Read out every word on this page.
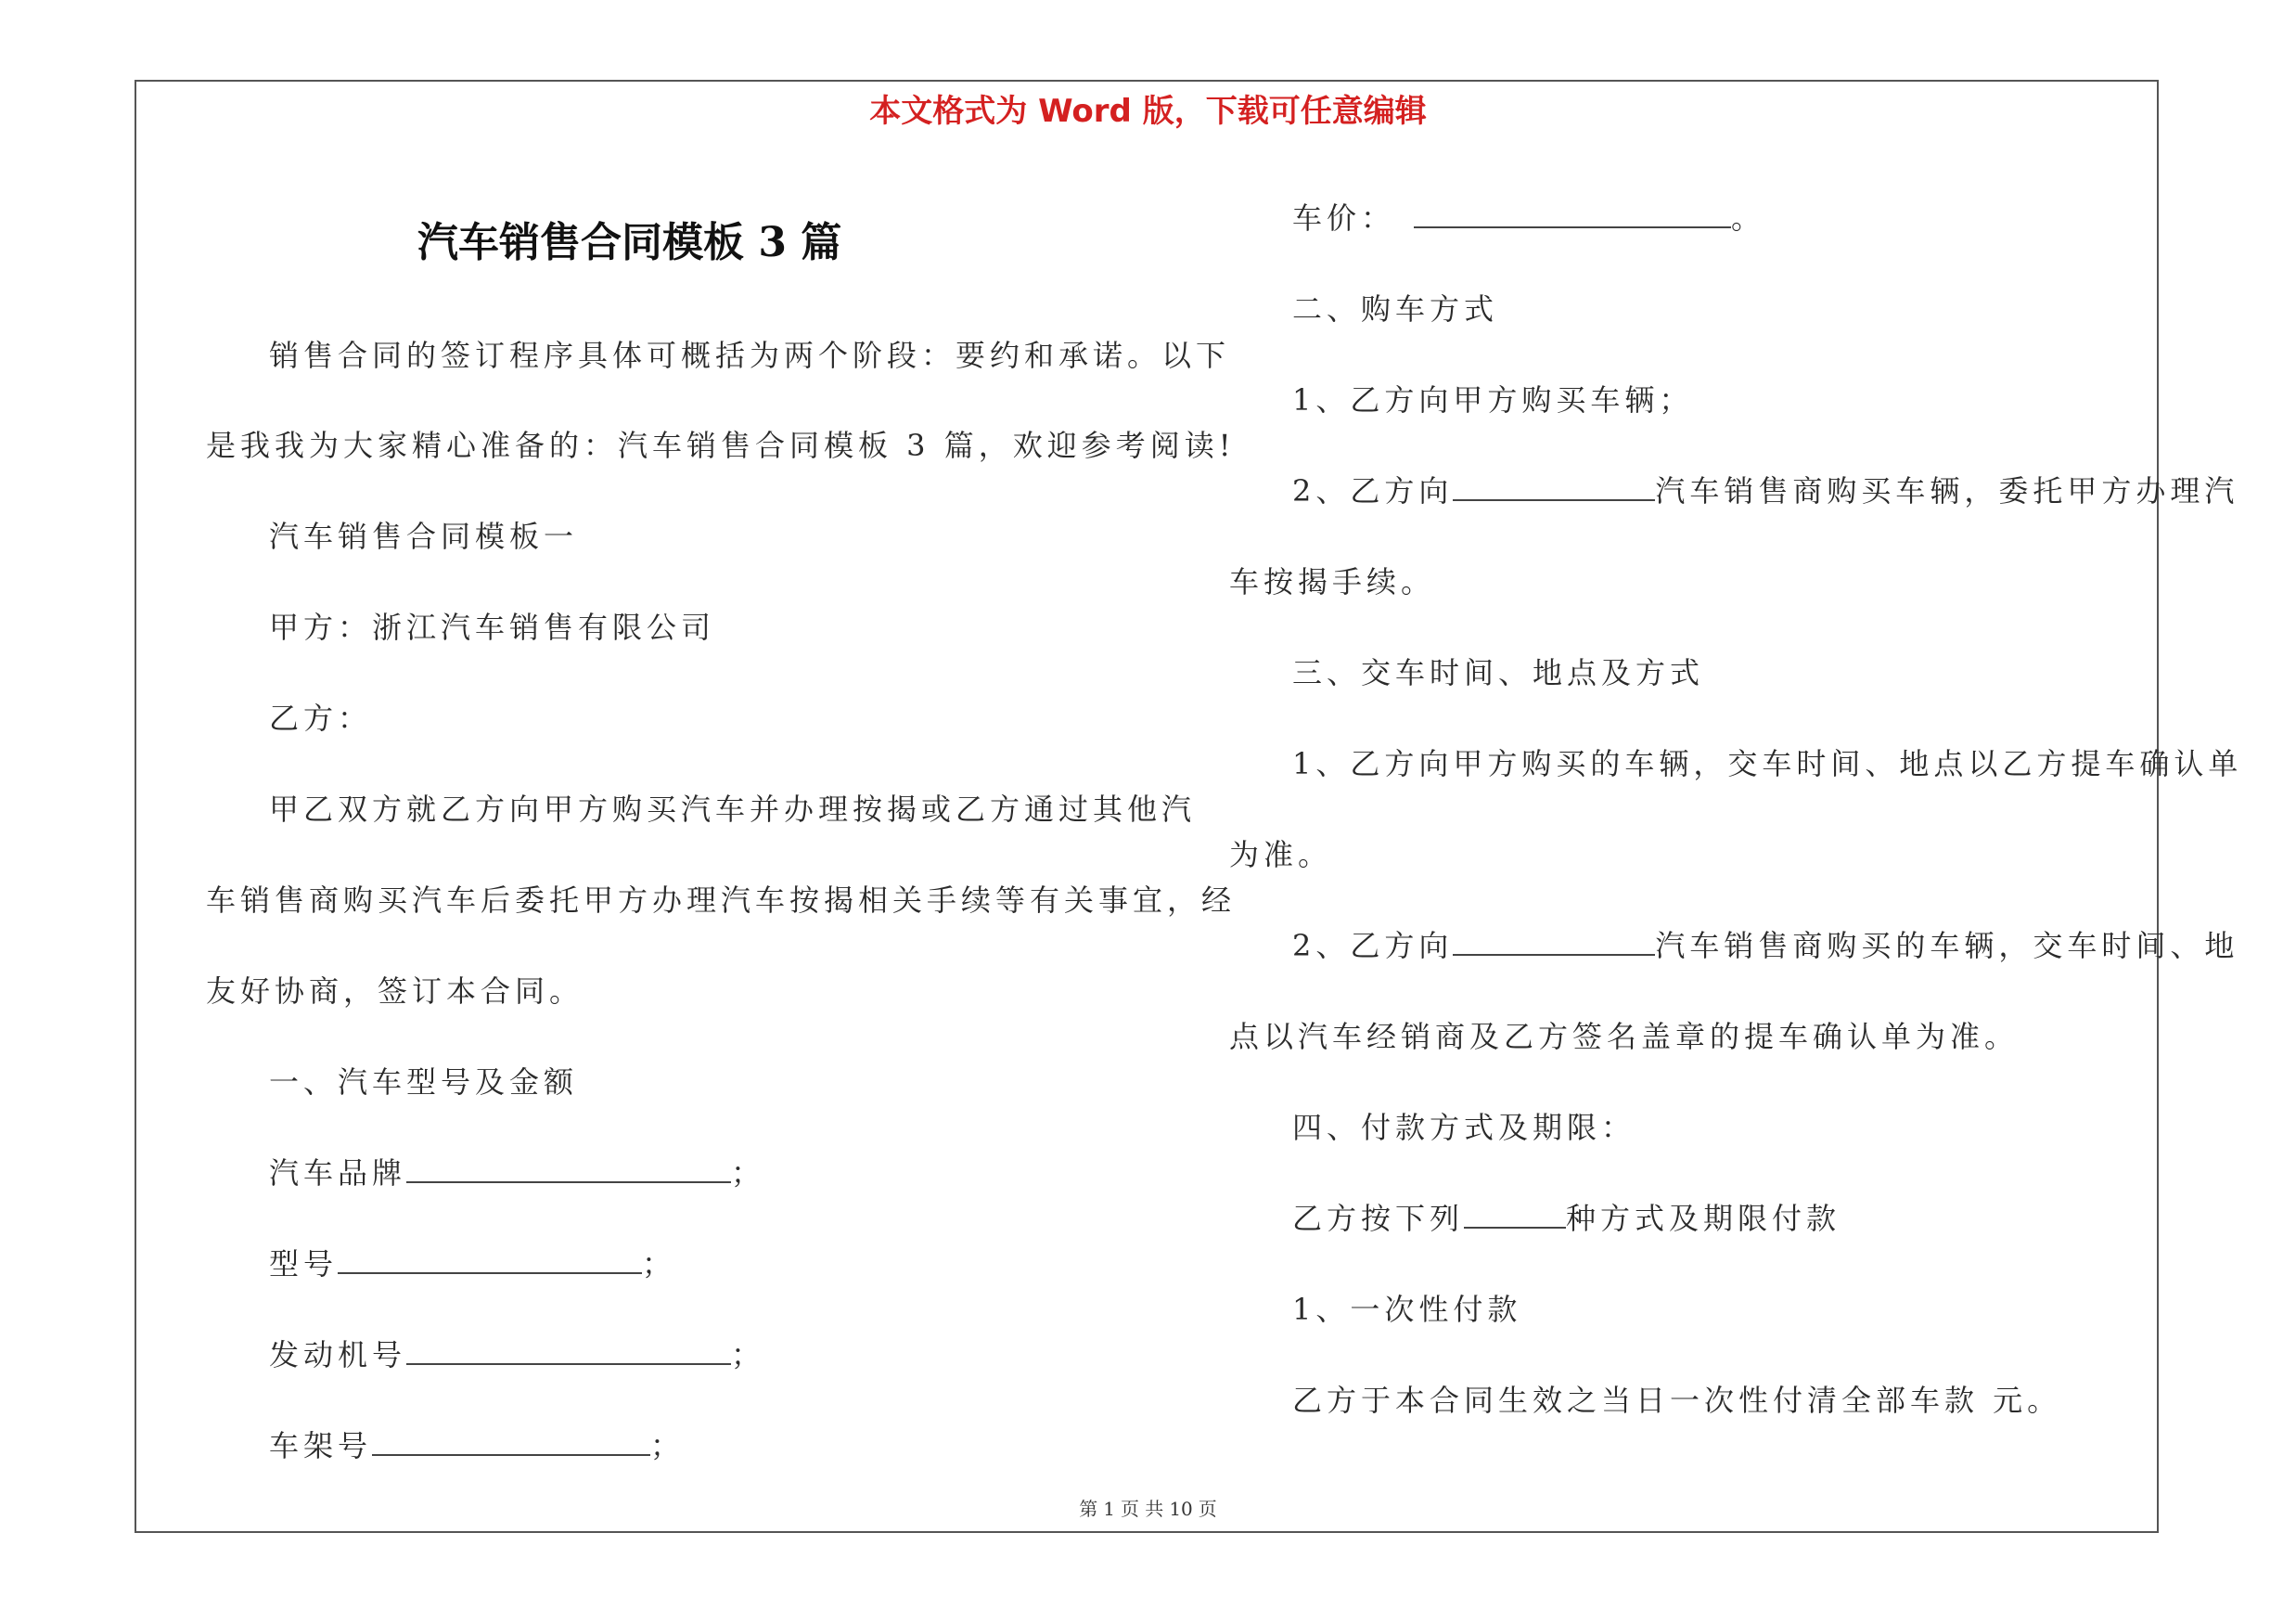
本文格式为 Word 版，下载可任意编辑
汽车销售合同模板 3 篇
销售合同的签订程序具体可概括为两个阶段：要约和承诺。以下
是我我为大家精心准备的：汽车销售合同模板 3 篇，欢迎参考阅读!
汽车销售合同模板一
甲方：浙江汽车销售有限公司
乙方：
甲乙双方就乙方向甲方购买汽车并办理按揭或乙方通过其他汽
车销售商购买汽车后委托甲方办理汽车按揭相关手续等有关事宜，经
友好协商，签订本合同。
一、汽车型号及金额
汽车品牌	；
型号	；
发动机号	；
车架号	；
车价：	。
二、购车方式
1、乙方向甲方购买车辆；
2、乙方向	汽车销售商购买车辆，委托甲方办理汽
车按揭手续。
三、交车时间、地点及方式
1、乙方向甲方购买的车辆，交车时间、地点以乙方提车确认单
为准。
2、乙方向	汽车销售商购买的车辆，交车时间、地
点以汽车经销商及乙方签名盖章的提车确认单为准。
四、付款方式及期限：
乙方按下列	种方式及期限付款
1、一次性付款
乙方于本合同生效之当日一次性付清全部车款 元。
第 1 页 共 10 页
